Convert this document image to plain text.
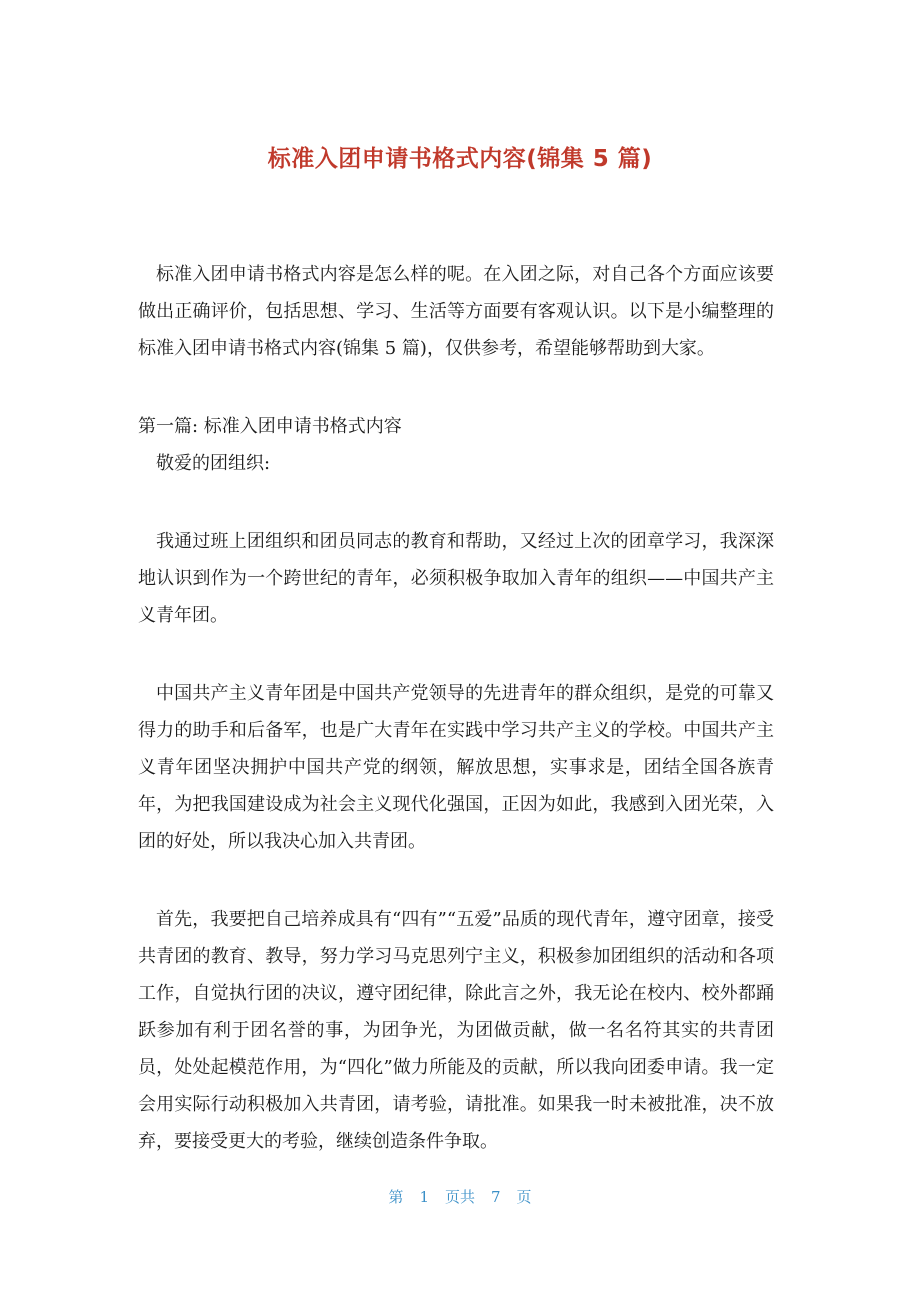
标准入团申请书格式内容(锦集 5 篇)

标准入团申请书格式内容是怎么样的呢。在入团之际，对自己各个方面应该要做出正确评价，包括思想、学习、生活等方面要有客观认识。以下是小编整理的标准入团申请书格式内容(锦集 5 篇)，仅供参考，希望能够帮助到大家。

第一篇: 标准入团申请书格式内容

敬爱的团组织:

我通过班上团组织和团员同志的教育和帮助，又经过上次的团章学习，我深深地认识到作为一个跨世纪的青年，必须积极争取加入青年的组织——中国共产主义青年团。

中国共产主义青年团是中国共产党领导的先进青年的群众组织，是党的可靠又得力的助手和后备军，也是广大青年在实践中学习共产主义的学校。中国共产主义青年团坚决拥护中国共产党的纲领，解放思想，实事求是，团结全国各族青年，为把我国建设成为社会主义现代化强国，正因为如此，我感到入团光荣，入团的好处，所以我决心加入共青团。

首先，我要把自己培养成具有“四有”“五爱”品质的现代青年，遵守团章，接受共青团的教育、教导，努力学习马克思列宁主义，积极参加团组织的活动和各项工作，自觉执行团的决议，遵守团纪律，除此言之外，我无论在校内、校外都踊跃参加有利于团名誉的事，为团争光，为团做贡献，做一名名符其实的共青团员，处处起模范作用，为“四化”做力所能及的贡献，所以我向团委申请。我一定会用实际行动积极加入共青团，请考验，请批准。如果我一时未被批准，决不放弃，要接受更大的考验，继续创造条件争取。

第 1 页共 7 页
